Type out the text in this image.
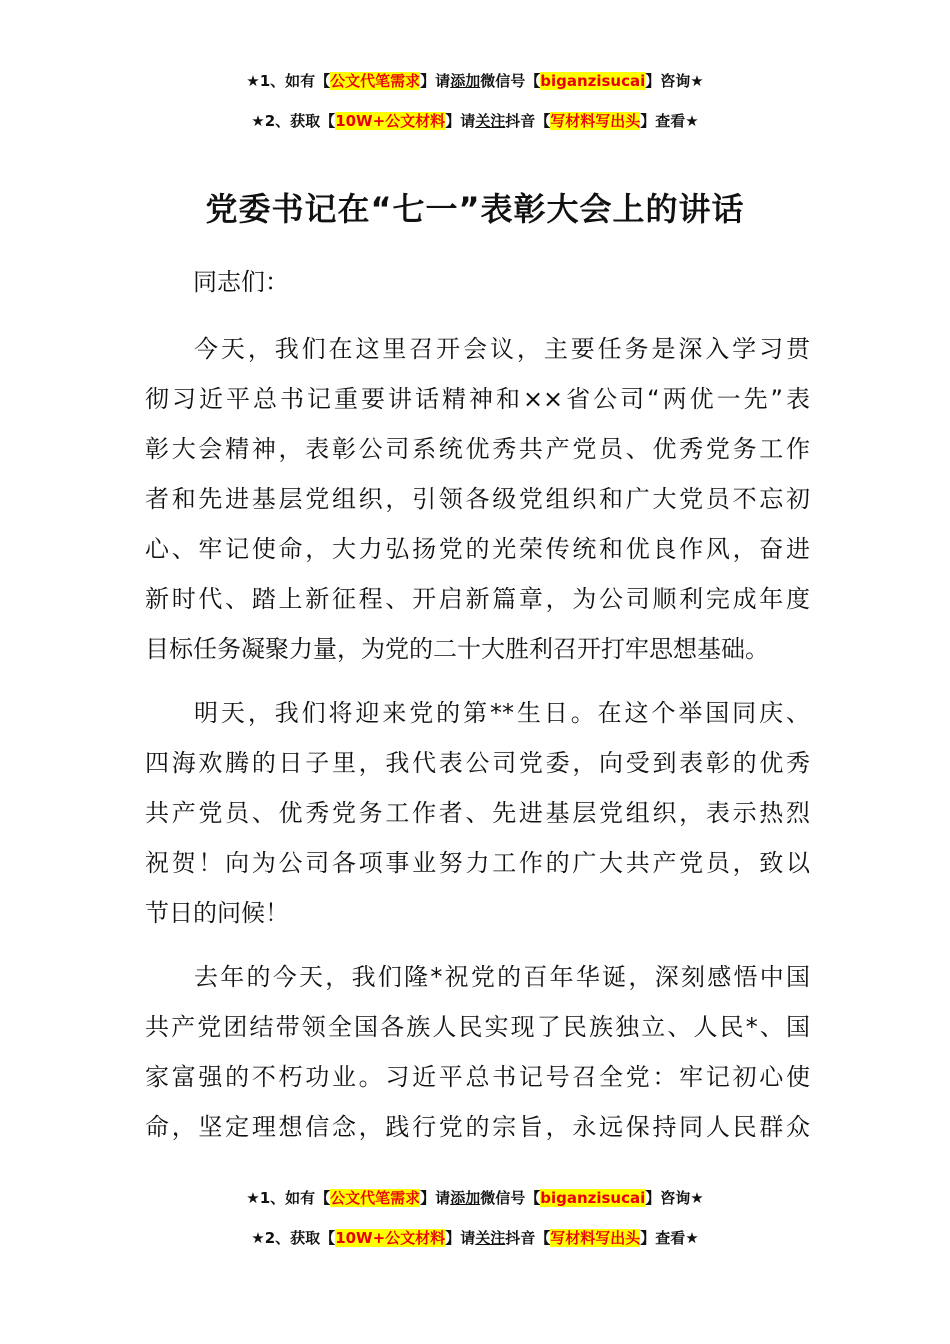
★1、如有【公文代笔需求】请添加微信号【biganzisucai】咨询★
★2、获取【10W+公文材料】请关注抖音【写材料写出头】查看★
党委书记在“七一”表彰大会上的讲话
同志们：
今天，我们在这里召开会议，主要任务是深入学习贯
彻习近平总书记重要讲话精神和××省公司“两优一先”表
彰大会精神，表彰公司系统优秀共产党员、优秀党务工作
者和先进基层党组织，引领各级党组织和广大党员不忘初
心、牢记使命，大力弘扬党的光荣传统和优良作风，奋进
新时代、踏上新征程、开启新篇章，为公司顺利完成年度
目标任务凝聚力量，为党的二十大胜利召开打牢思想基础。
明天，我们将迎来党的第**生日。在这个举国同庆、
四海欢腾的日子里，我代表公司党委，向受到表彰的优秀
共产党员、优秀党务工作者、先进基层党组织，表示热烈
祝贺！向为公司各项事业努力工作的广大共产党员，致以
节日的问候！
去年的今天，我们隆*祝党的百年华诞，深刻感悟中国
共产党团结带领全国各族人民实现了民族独立、人民*、国
家富强的不朽功业。习近平总书记号召全党：牢记初心使
命，坚定理想信念，践行党的宗旨，永远保持同人民群众
★1、如有【公文代笔需求】请添加微信号【biganzisucai】咨询★
★2、获取【10W+公文材料】请关注抖音【写材料写出头】查看★
